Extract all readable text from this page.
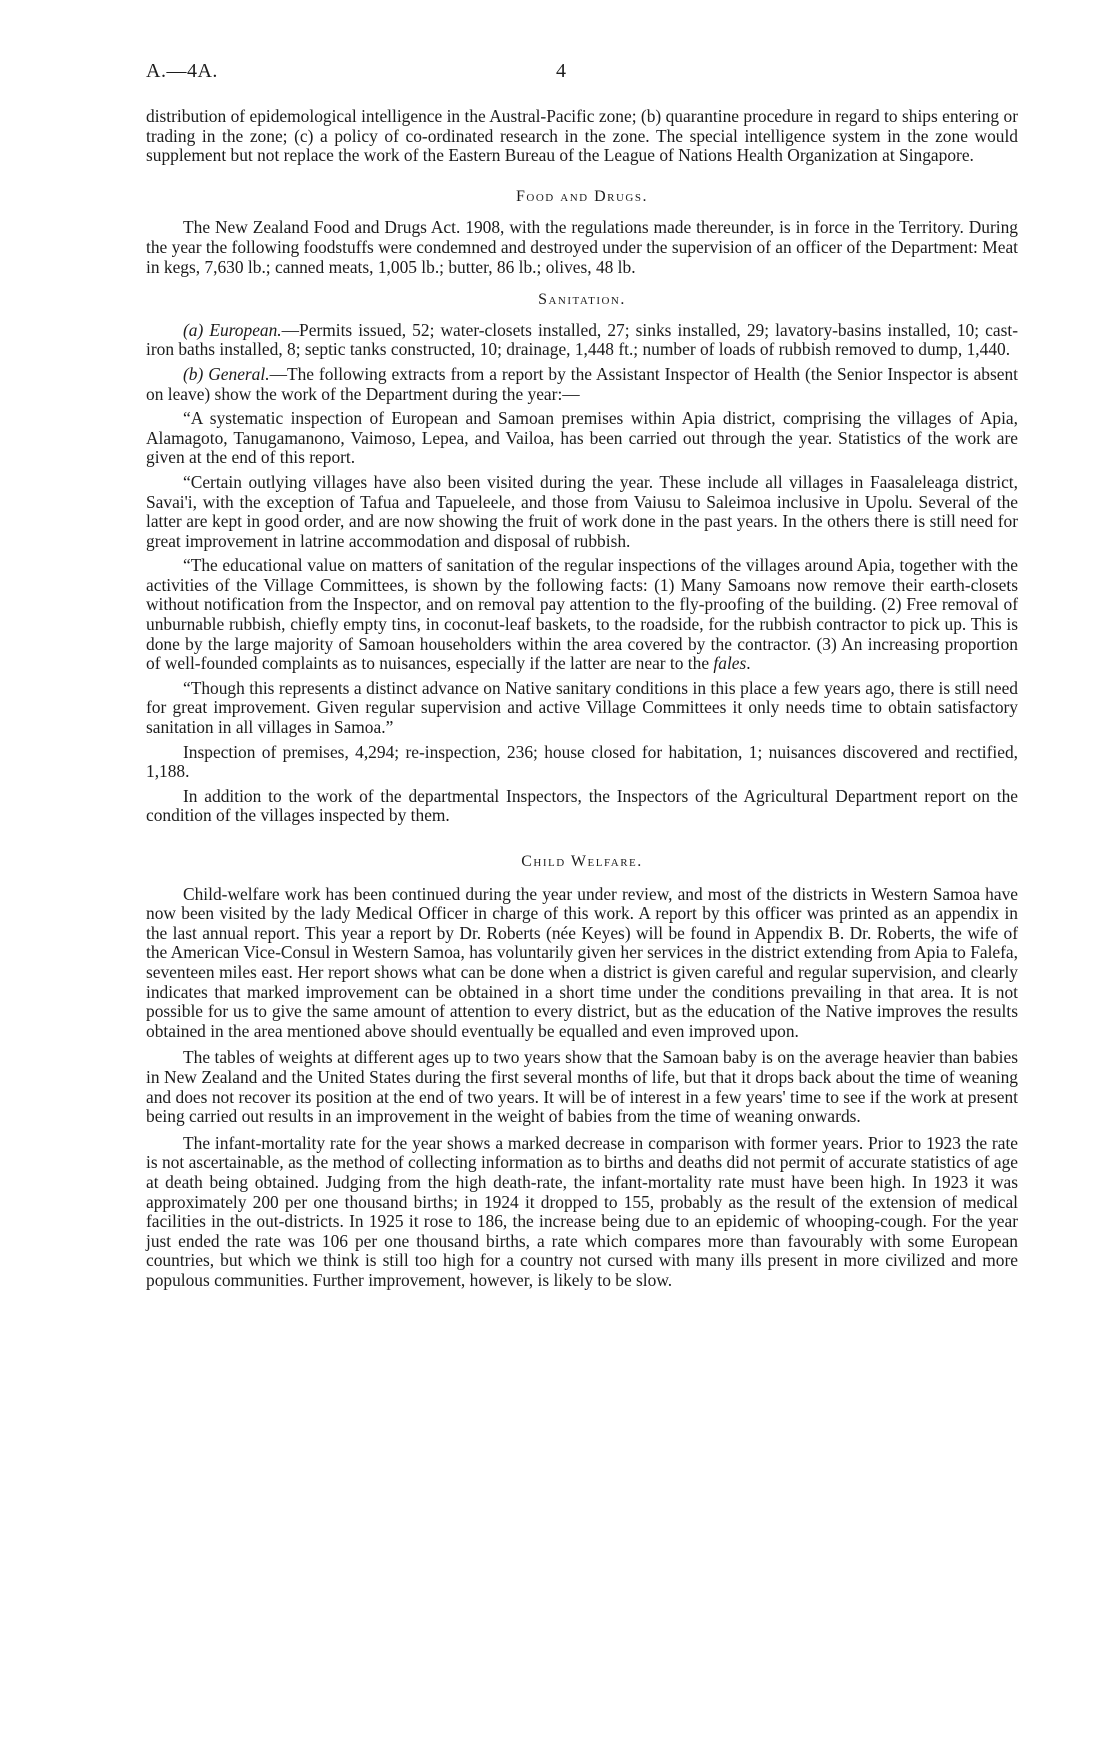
A.—4A.	4

distribution of epidemological intelligence in the Austral-Pacific zone; (b) quarantine procedure in regard to ships entering or trading in the zone; (c) a policy of co-ordinated research in the zone. The special intelligence system in the zone would supplement but not replace the work of the Eastern Bureau of the League of Nations Health Organization at Singapore.

Food and Drugs.

The New Zealand Food and Drugs Act. 1908, with the regulations made thereunder, is in force in the Territory. During the year the following foodstuffs were condemned and destroyed under the supervision of an officer of the Department: Meat in kegs, 7,630 lb.; canned meats, 1,005 lb.; butter, 86 lb.; olives, 48 lb.

Sanitation.

(a) European.—Permits issued, 52; water-closets installed, 27; sinks installed, 29; lavatory-basins installed, 10; cast-iron baths installed, 8; septic tanks constructed, 10; drainage, 1,448 ft.; number of loads of rubbish removed to dump, 1,440.

(b) General.—The following extracts from a report by the Assistant Inspector of Health (the Senior Inspector is absent on leave) show the work of the Department during the year:—

“A systematic inspection of European and Samoan premises within Apia district, comprising the villages of Apia, Alamagoto, Tanugamanono, Vaimoso, Lepea, and Vailoa, has been carried out through the year. Statistics of the work are given at the end of this report.

“Certain outlying villages have also been visited during the year. These include all villages in Faasaleleaga district, Savai'i, with the exception of Tafua and Tapueleele, and those from Vaiusu to Saleimoa inclusive in Upolu. Several of the latter are kept in good order, and are now showing the fruit of work done in the past years. In the others there is still need for great improvement in latrine accommodation and disposal of rubbish.

“The educational value on matters of sanitation of the regular inspections of the villages around Apia, together with the activities of the Village Committees, is shown by the following facts: (1) Many Samoans now remove their earth-closets without notification from the Inspector, and on removal pay attention to the fly-proofing of the building. (2) Free removal of unburnable rubbish, chiefly empty tins, in coconut-leaf baskets, to the roadside, for the rubbish contractor to pick up. This is done by the large majority of Samoan householders within the area covered by the contractor. (3) An increasing proportion of well-founded complaints as to nuisances, especially if the latter are near to the fales.

“Though this represents a distinct advance on Native sanitary conditions in this place a few years ago, there is still need for great improvement. Given regular supervision and active Village Committees it only needs time to obtain satisfactory sanitation in all villages in Samoa.”

Inspection of premises, 4,294; re-inspection, 236; house closed for habitation, 1; nuisances discovered and rectified, 1,188.

In addition to the work of the departmental Inspectors, the Inspectors of the Agricultural Department report on the condition of the villages inspected by them.

Child Welfare.

Child-welfare work has been continued during the year under review, and most of the districts in Western Samoa have now been visited by the lady Medical Officer in charge of this work. A report by this officer was printed as an appendix in the last annual report. This year a report by Dr. Roberts (née Keyes) will be found in Appendix B. Dr. Roberts, the wife of the American Vice-Consul in Western Samoa, has voluntarily given her services in the district extending from Apia to Falefa, seventeen miles east. Her report shows what can be done when a district is given careful and regular supervision, and clearly indicates that marked improvement can be obtained in a short time under the conditions prevailing in that area. It is not possible for us to give the same amount of attention to every district, but as the education of the Native improves the results obtained in the area mentioned above should eventually be equalled and even improved upon.

The tables of weights at different ages up to two years show that the Samoan baby is on the average heavier than babies in New Zealand and the United States during the first several months of life, but that it drops back about the time of weaning and does not recover its position at the end of two years. It will be of interest in a few years' time to see if the work at present being carried out results in an improvement in the weight of babies from the time of weaning onwards.

The infant-mortality rate for the year shows a marked decrease in comparison with former years. Prior to 1923 the rate is not ascertainable, as the method of collecting information as to births and deaths did not permit of accurate statistics of age at death being obtained. Judging from the high death-rate, the infant-mortality rate must have been high. In 1923 it was approximately 200 per one thousand births; in 1924 it dropped to 155, probably as the result of the extension of medical facilities in the out-districts. In 1925 it rose to 186, the increase being due to an epidemic of whooping-cough. For the year just ended the rate was 106 per one thousand births, a rate which compares more than favourably with some European countries, but which we think is still too high for a country not cursed with many ills present in more civilized and more populous communities. Further improvement, however, is likely to be slow.
